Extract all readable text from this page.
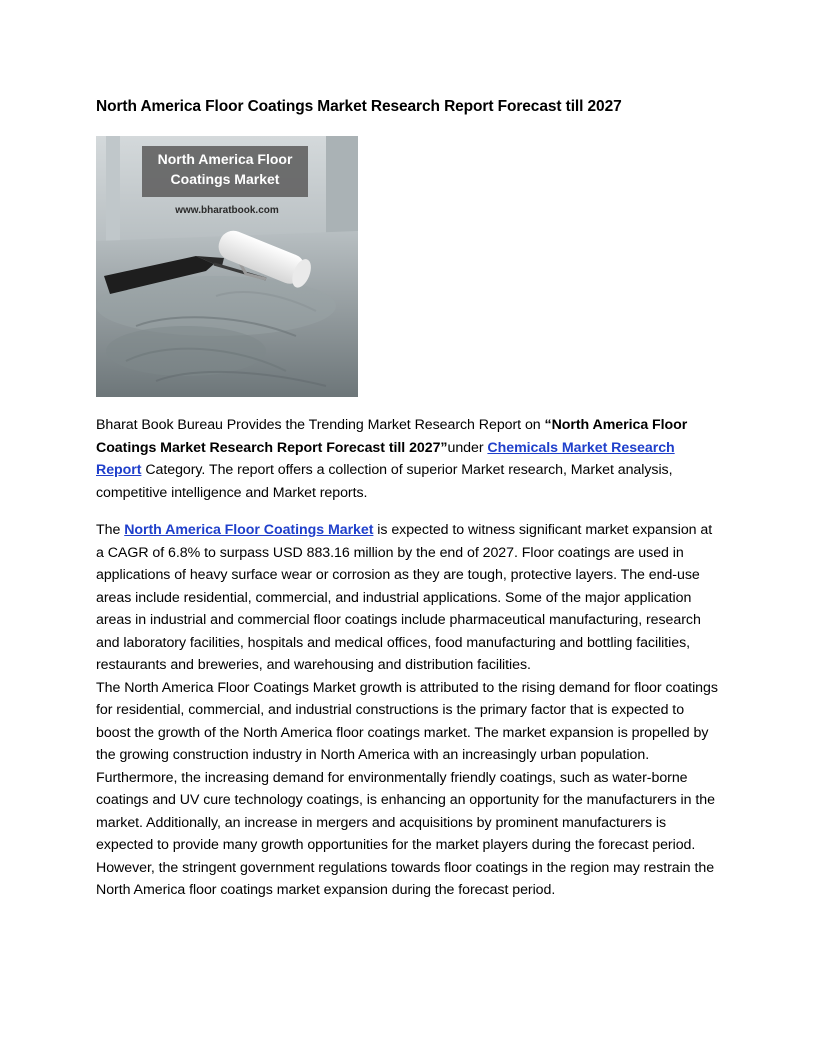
North America Floor Coatings Market Research Report Forecast till 2027
North America Floor
Coatings Market
www.bharatbook.com

Bharat Book Bureau Provides the Trending Market Research Report on “North America Floor Coatings Market Research Report Forecast till 2027”under Chemicals Market Research Report Category. The report offers a collection of superior Market research, Market analysis, competitive intelligence and Market reports.

The North America Floor Coatings Market is expected to witness significant market expansion at a CAGR of 6.8% to surpass USD 883.16 million by the end of 2027. Floor coatings are used in applications of heavy surface wear or corrosion as they are tough, protective layers. The end-use areas include residential, commercial, and industrial applications. Some of the major application areas in industrial and commercial floor coatings include pharmaceutical manufacturing, research and laboratory facilities, hospitals and medical offices, food manufacturing and bottling facilities, restaurants and breweries, and warehousing and distribution facilities.

The North America Floor Coatings Market growth is attributed to the rising demand for floor coatings for residential, commercial, and industrial constructions is the primary factor that is expected to boost the growth of the North America floor coatings market. The market expansion is propelled by the growing construction industry in North America with an increasingly urban population. Furthermore, the increasing demand for environmentally friendly coatings, such as water-borne coatings and UV cure technology coatings, is enhancing an opportunity for the manufacturers in the market. Additionally, an increase in mergers and acquisitions by prominent manufacturers is expected to provide many growth opportunities for the market players during the forecast period. However, the stringent government regulations towards floor coatings in the region may restrain the North America floor coatings market expansion during the forecast period.
